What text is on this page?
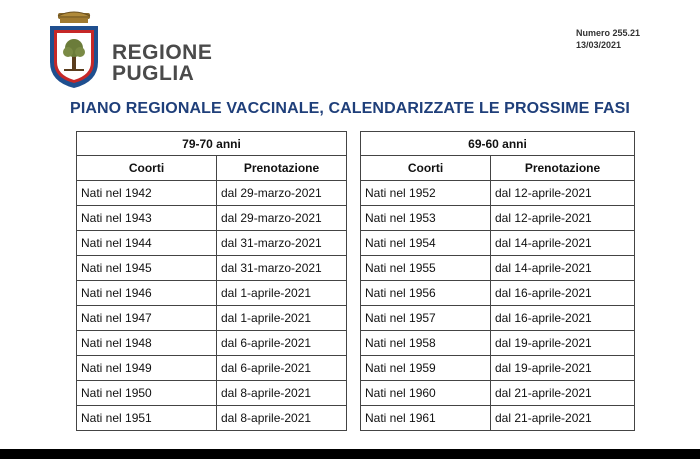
REGIONE
PUGLIA
Numero 255.21
13/03/2021
PIANO REGIONALE VACCINALE, CALENDARIZZATE LE PROSSIME FASI
79-70 anni	
Coorti	Prenotazione
Nati nel 1942	dal 29-marzo-2021
Nati nel 1943	dal 29-marzo-2021
Nati nel 1944	dal 31-marzo-2021
Nati nel 1945	dal 31-marzo-2021
Nati nel 1946	dal 1-aprile-2021
Nati nel 1947	dal 1-aprile-2021
Nati nel 1948	dal 6-aprile-2021
Nati nel 1949	dal 6-aprile-2021
Nati nel 1950	dal 8-aprile-2021
Nati nel 1951	dal 8-aprile-2021
69-60 anni	
Coorti	Prenotazione
Nati nel 1952	dal 12-aprile-2021
Nati nel 1953	dal 12-aprile-2021
Nati nel 1954	dal 14-aprile-2021
Nati nel 1955	dal 14-aprile-2021
Nati nel 1956	dal 16-aprile-2021
Nati nel 1957	dal 16-aprile-2021
Nati nel 1958	dal 19-aprile-2021
Nati nel 1959	dal 19-aprile-2021
Nati nel 1960	dal 21-aprile-2021
Nati nel 1961	dal 21-aprile-2021
